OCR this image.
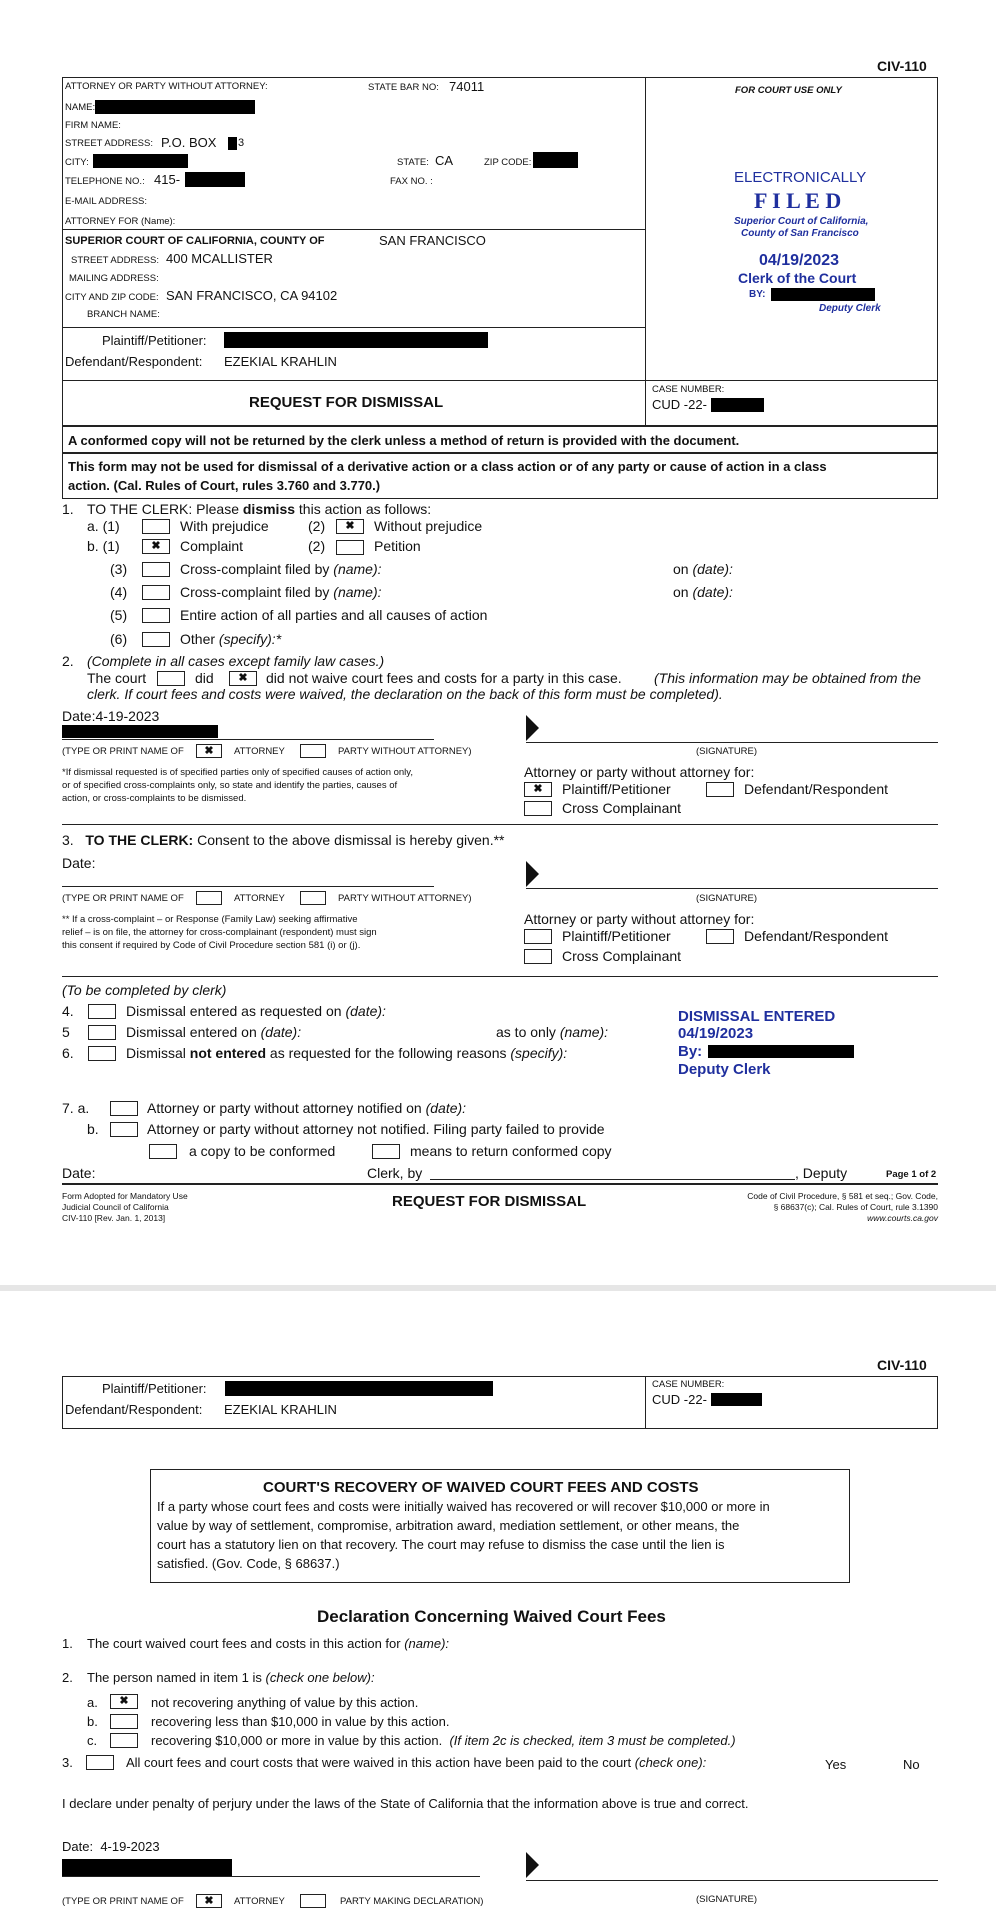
CIV-110
ATTORNEY OR PARTY WITHOUT ATTORNEY:	STATE BAR NO: 74011
NAME:
FIRM NAME:
STREET ADDRESS: P.O. BOX 3
CITY:	STATE: CA	ZIP CODE:
TELEPHONE NO.: 415-	FAX NO. :
E-MAIL ADDRESS:
ATTORNEY FOR (Name):
SUPERIOR COURT OF CALIFORNIA, COUNTY OF	SAN FRANCISCO
STREET ADDRESS: 400 MCALLISTER
MAILING ADDRESS:
CITY AND ZIP CODE: SAN FRANCISCO, CA 94102
BRANCH NAME:
Plaintiff/Petitioner:
Defendant/Respondent: EZEKIAL KRAHLIN
FOR COURT USE ONLY
ELECTRONICALLY
F I L E D
Superior Court of California,
County of San Francisco
04/19/2023
Clerk of the Court
BY:
Deputy Clerk
REQUEST FOR DISMISSAL
CASE NUMBER:
CUD -22-
A conformed copy will not be returned by the clerk unless a method of return is provided with the document.
This form may not be used for dismissal of a derivative action or a class action or of any party or cause of action in a class
action. (Cal. Rules of Court, rules 3.760 and 3.770.)
1. TO THE CLERK: Please dismiss this action as follows:
a. (1)	With prejudice	(2)	✖	Without prejudice
b. (1)	✖	Complaint	(2)	Petition
(3)	Cross-complaint filed by (name):	on (date):
(4)	Cross-complaint filed by (name):	on (date):
(5)	Entire action of all parties and all causes of action
(6)	Other (specify):*
2. (Complete in all cases except family law cases.)
The court	did	✖	did not waive court fees and costs for a party in this case. (This information may be obtained from the
clerk. If court fees and costs were waived, the declaration on the back of this form must be completed).
Date:4-19-2023
(TYPE OR PRINT NAME OF	✖	ATTORNEY	PARTY WITHOUT ATTORNEY)	(SIGNATURE)
*If dismissal requested is of specified parties only of specified causes of action only,
or of specified cross-complaints only, so state and identify the parties, causes of
action, or cross-complaints to be dismissed.
Attorney or party without attorney for:
✖	Plaintiff/Petitioner	Defendant/Respondent
Cross Complainant
3. TO THE CLERK: Consent to the above dismissal is hereby given.**
Date:
(TYPE OR PRINT NAME OF	ATTORNEY	PARTY WITHOUT ATTORNEY)	(SIGNATURE)
** If a cross-complaint – or Response (Family Law) seeking affirmative
relief – is on file, the attorney for cross-complainant (respondent) must sign
this consent if required by Code of Civil Procedure section 581 (i) or (j).
Attorney or party without attorney for:
Plaintiff/Petitioner	Defendant/Respondent
Cross Complainant
(To be completed by clerk)
4.	Dismissal entered as requested on (date):
5	Dismissal entered on (date):	as to only (name):
6.	Dismissal not entered as requested for the following reasons (specify):
DISMISSAL ENTERED
04/19/2023
By:
Deputy Clerk
7. a.	Attorney or party without attorney notified on (date):
b.	Attorney or party without attorney not notified. Filing party failed to provide
a copy to be conformed	means to return conformed copy
Date:	Clerk, by	, Deputy	Page 1 of 2
Form Adopted for Mandatory Use
Judicial Council of California
CIV-110 [Rev. Jan. 1, 2013]
REQUEST FOR DISMISSAL	Code of Civil Procedure, § 581 et seq.; Gov. Code,
§ 68637(c); Cal. Rules of Court, rule 3.1390
www.courts.ca.gov
CIV-110
Plaintiff/Petitioner:
Defendant/Respondent: EZEKIAL KRAHLIN
CASE NUMBER:
CUD -22-
COURT'S RECOVERY OF WAIVED COURT FEES AND COSTS
If a party whose court fees and costs were initially waived has recovered or will recover $10,000 or more in
value by way of settlement, compromise, arbitration award, mediation settlement, or other means, the
court has a statutory lien on that recovery. The court may refuse to dismiss the case until the lien is
satisfied. (Gov. Code, § 68637.)
Declaration Concerning Waived Court Fees
1. The court waived court fees and costs in this action for (name):
2. The person named in item 1 is (check one below):
a.	✖	not recovering anything of value by this action.
b.	recovering less than $10,000 in value by this action.
c.	recovering $10,000 or more in value by this action. (If item 2c is checked, item 3 must be completed.)
3.	All court fees and court costs that were waived in this action have been paid to the court (check one):	Yes	No
I declare under penalty of perjury under the laws of the State of California that the information above is true and correct.
Date: 4-19-2023
(TYPE OR PRINT NAME OF	✖	ATTORNEY	PARTY MAKING DECLARATION)	(SIGNATURE)
